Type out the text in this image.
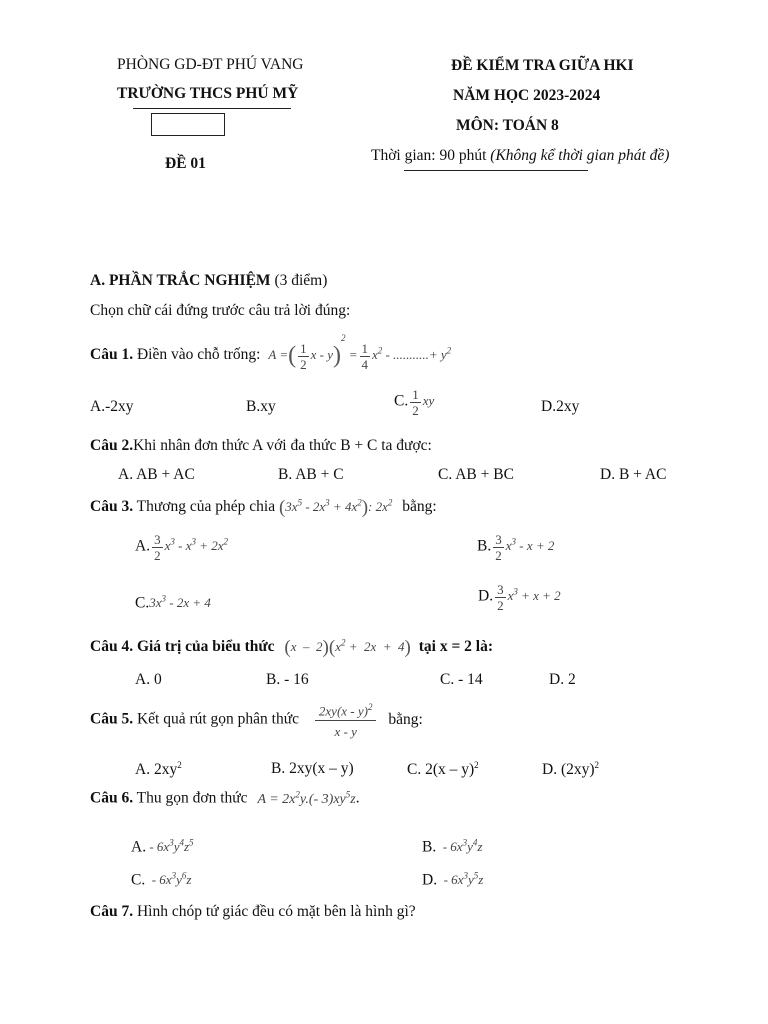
PHÒNG GD-ĐT PHÚ VANG
TRƯỜNG THCS PHÚ MỸ
ĐỀ 01
ĐỀ KIỂM TRA GIỮA HKI
NĂM HỌC 2023-2024
MÔN: TOÁN 8
Thời gian: 90 phút (Không kể thời gian phát đề)
A. PHẦN TRẮC NGHIỆM (3 điểm)
Chọn chữ cái đứng trước câu trả lời đúng:
Câu 1. Điền vào chỗ trống: A =( $\frac{1}{2}$ $x - y)^2 = \frac{1}{4} x^2$ - ...........+ $y^2$
A.-2xy	B.xy	C. $\frac{1}{2}$ xy	D.2xy
Câu 2.Khi nhân đơn thức A với đa thức B + C ta được:
A. AB + AC	B. AB + C	C. AB + BC	D. B + AC
Câu 3. Thương của phép chia $(3x^5 - 2x^3 + 4x^2)$: $2x^2$ bằng:
A. $\frac{3}{2} x^3 - x^3 + 2x^2$	B. $\frac{3}{2} x^3 - x + 2$
$C.3x^3 - 2x + 4$	D. $\frac{3}{2} x^3 + x + 2$
Câu 4. Giá trị của biểu thức $(x - 2)(x^2 + 2x + 4)$ tại x = 2 là:
A. 0	B. - 16	C. - 14	D. 2
Câu 5. Kết quả rút gọn phân thức $\frac{2xy(x - y)^2}{x - y}$ bằng:
A. $2xy^2$	B. 2xy(x – y)	C. 2(x – y)$^2$	D. $(2xy)^2$
Câu 6. Thu gọn đơn thức $A = 2x^2y.(-$ $3)xy^5z$.
A. - $6x^3y^4z^5$	B.  - $6x^3y^4z$
C.  - $6x^3y^6z$	D.  - $6x^3y^5z$
Câu 7. Hình chóp tứ giác đều có mặt bên là hình gì?
